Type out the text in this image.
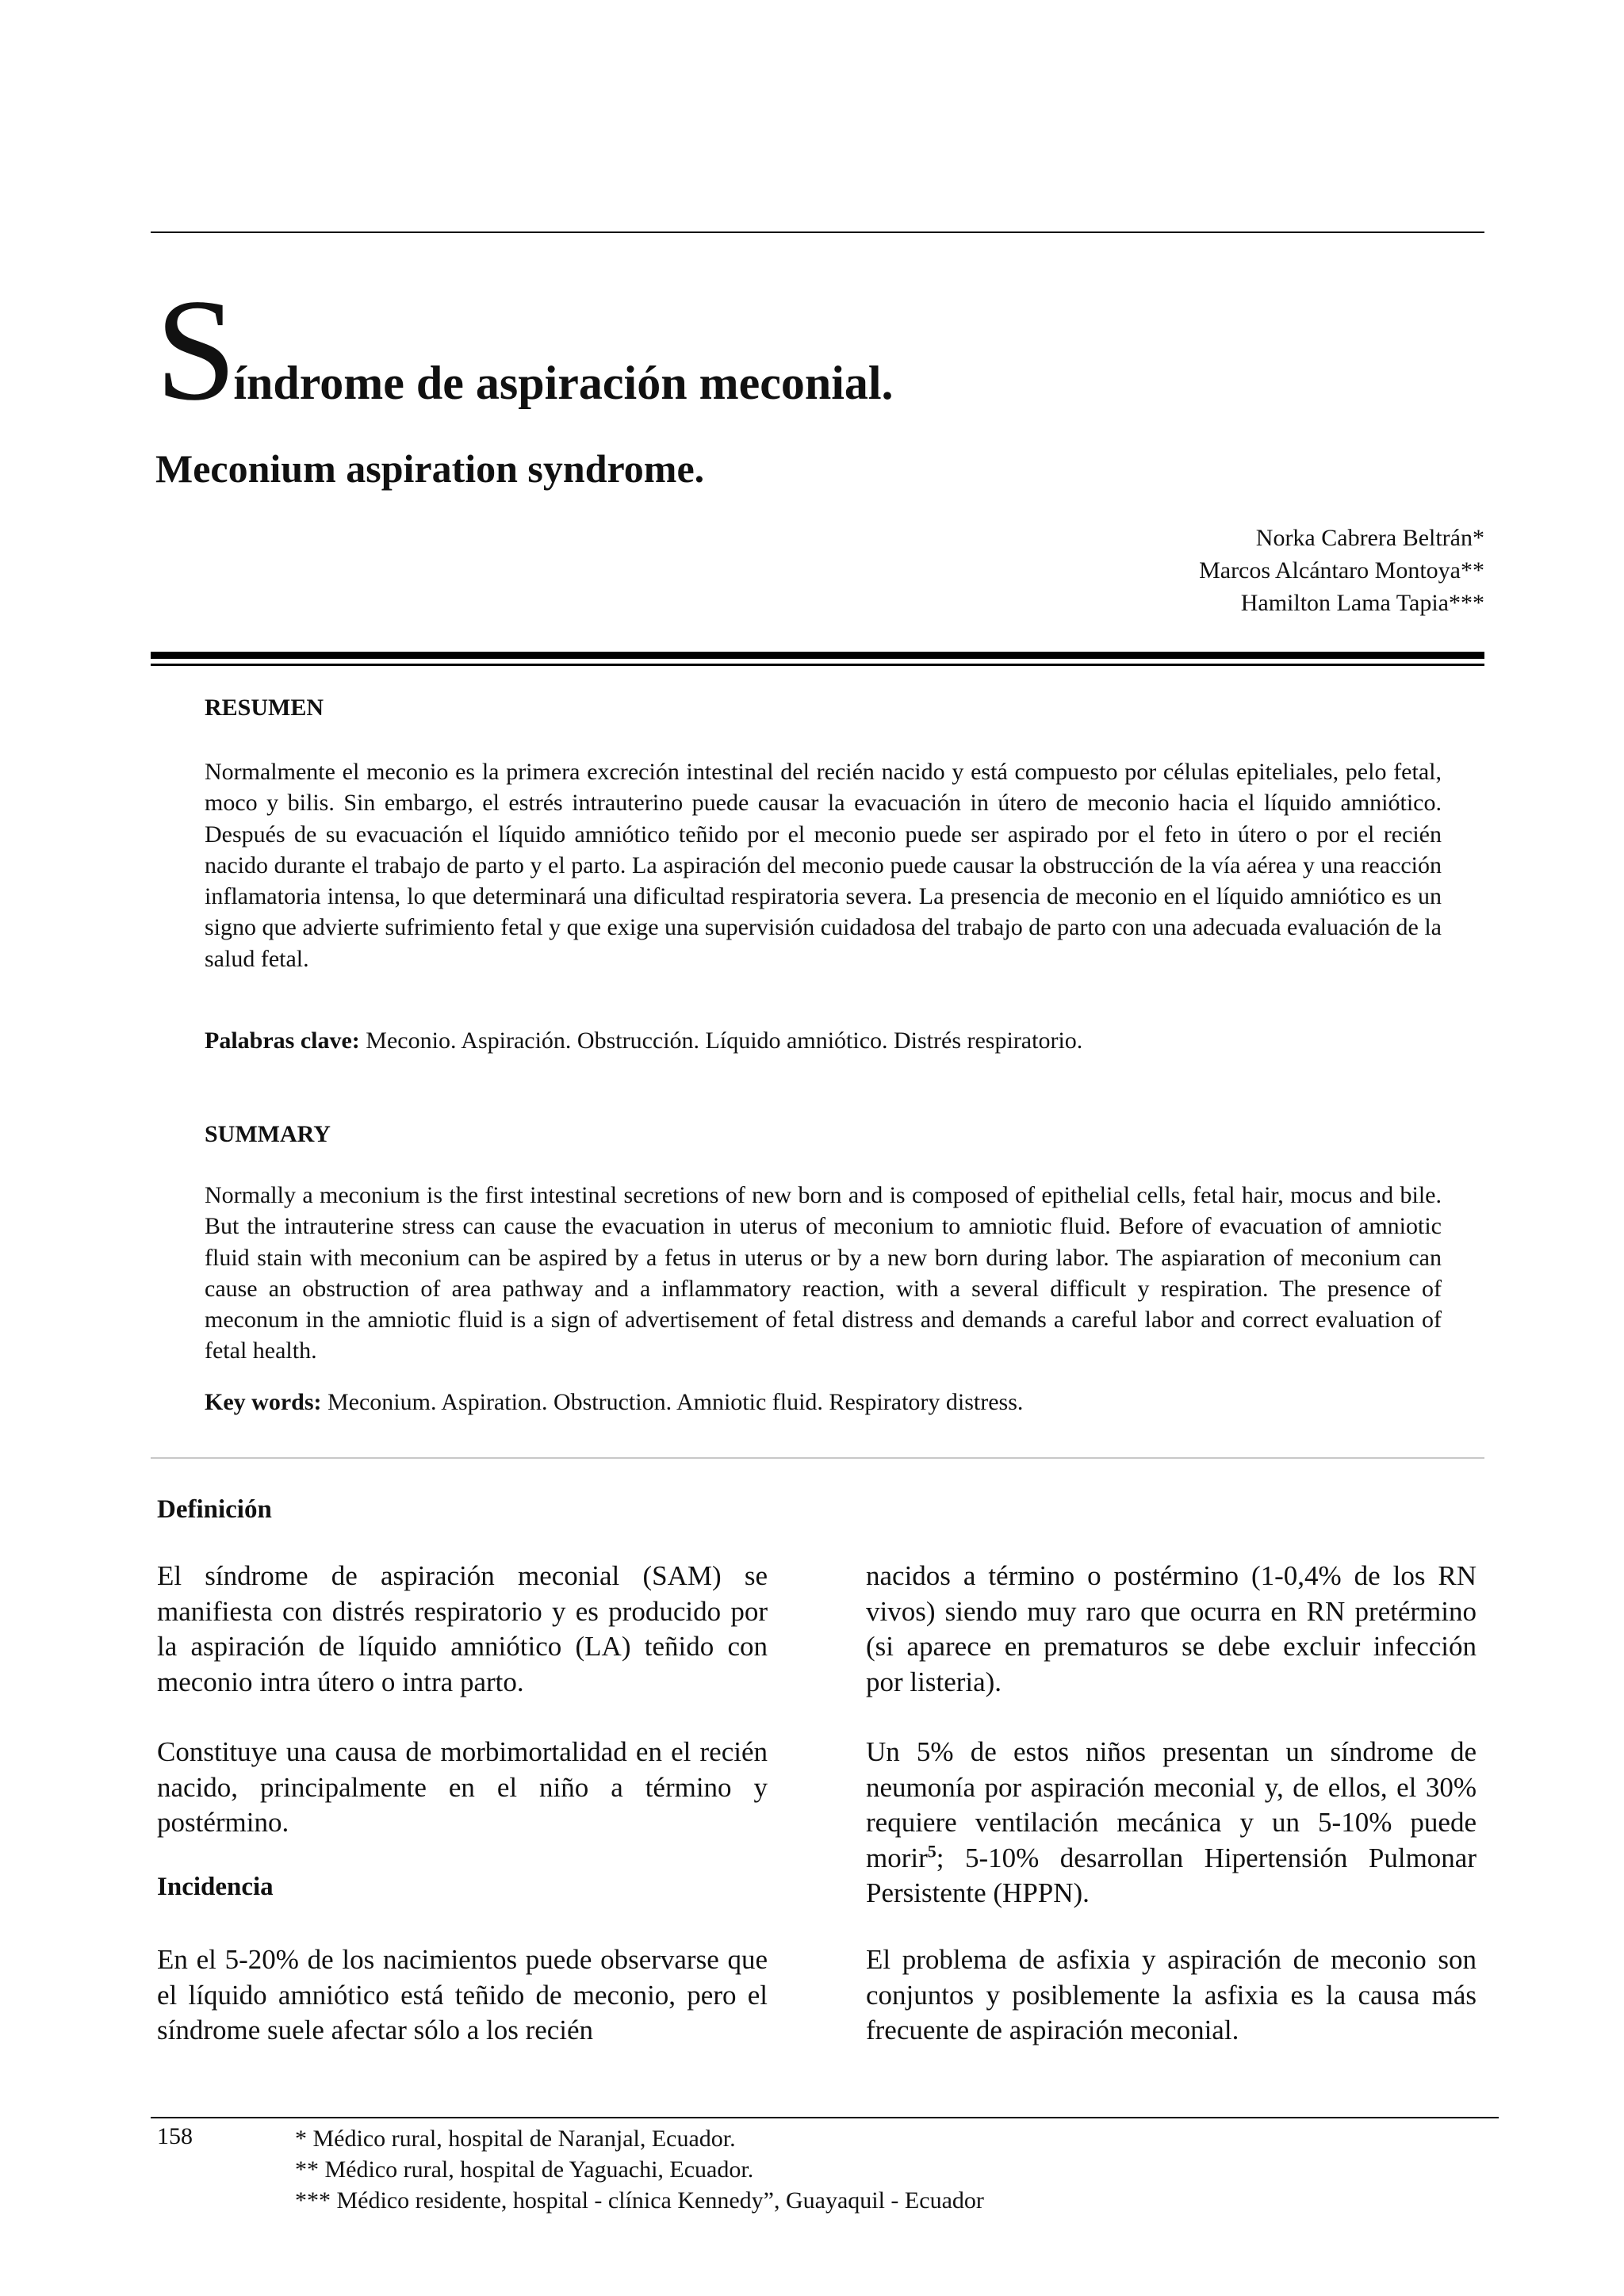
Síndrome de aspiración meconial.
Meconium aspiration syndrome.
Norka Cabrera Beltrán*
Marcos Alcántaro Montoya**
Hamilton Lama Tapia***
RESUMEN

Normalmente el meconio es la primera excreción intestinal del recién nacido y está compuesto por células epiteliales, pelo fetal, moco y bilis. Sin embargo, el estrés intrauterino puede causar la evacuación in útero de meconio hacia el líquido amniótico. Después de su evacuación el líquido amniótico teñido por el meconio puede ser aspirado por el feto in útero o por el recién nacido durante el trabajo de parto y el parto. La aspiración del meconio puede causar la obstrucción de la vía aérea y una reacción inflamatoria intensa, lo que determinará una dificultad respiratoria severa. La presencia de meconio en el líquido amniótico es un signo que advierte sufrimiento fetal y que exige una supervisión cuidadosa del trabajo de parto con una adecuada evaluación de la salud fetal.

Palabras clave: Meconio. Aspiración. Obstrucción. Líquido amniótico. Distrés respiratorio.

SUMMARY

Normally a meconium is the first intestinal secretions of new born and is composed of epithelial cells, fetal hair, mocus and bile. But the intrauterine stress can cause the evacuation in uterus of meconium to amniotic fluid. Before of evacuation of amniotic fluid stain with meconium can be aspired by a fetus in uterus or by a new born during labor. The aspiaration of meconium can cause an obstruction of area pathway and a inflammatory reaction, with a several difficult y respiration. The presence of meconum in the amniotic fluid is a sign of advertisement of fetal distress and demands a careful labor and correct evaluation of fetal health.

Key words: Meconium. Aspiration. Obstruction. Amniotic fluid. Respiratory distress.

Definición

El síndrome de aspiración meconial (SAM) se manifiesta con distrés respiratorio y es producido por la aspiración de líquido amniótico (LA) teñido con meconio intra útero o intra parto.

Constituye una causa de morbimortalidad en el recién nacido, principalmente en el niño a término y postérmino.

Incidencia

En el 5-20% de los nacimientos puede observarse que el líquido amniótico está teñido de meconio, pero el síndrome suele afectar sólo a los recién

nacidos a término o postérmino (1-0,4% de los RN vivos) siendo muy raro que ocurra en RN pretérmino (si aparece en prematuros se debe excluir infección por listeria).

Un 5% de estos niños presentan un síndrome de neumonía por aspiración meconial y, de ellos, el 30% requiere ventilación mecánica y un 5-10% puede morir$^5$; 5-10% desarrollan Hipertensión Pulmonar Persistente (HPPN).

El problema de asfixia y aspiración de meconio son conjuntos y posiblemente la asfixia es la causa más frecuente de aspiración meconial.

158	* Médico rural, hospital de Naranjal, Ecuador.
** Médico rural, hospital de Yaguachi, Ecuador.
*** Médico residente, hospital - clínica Kennedy”, Guayaquil - Ecuador
